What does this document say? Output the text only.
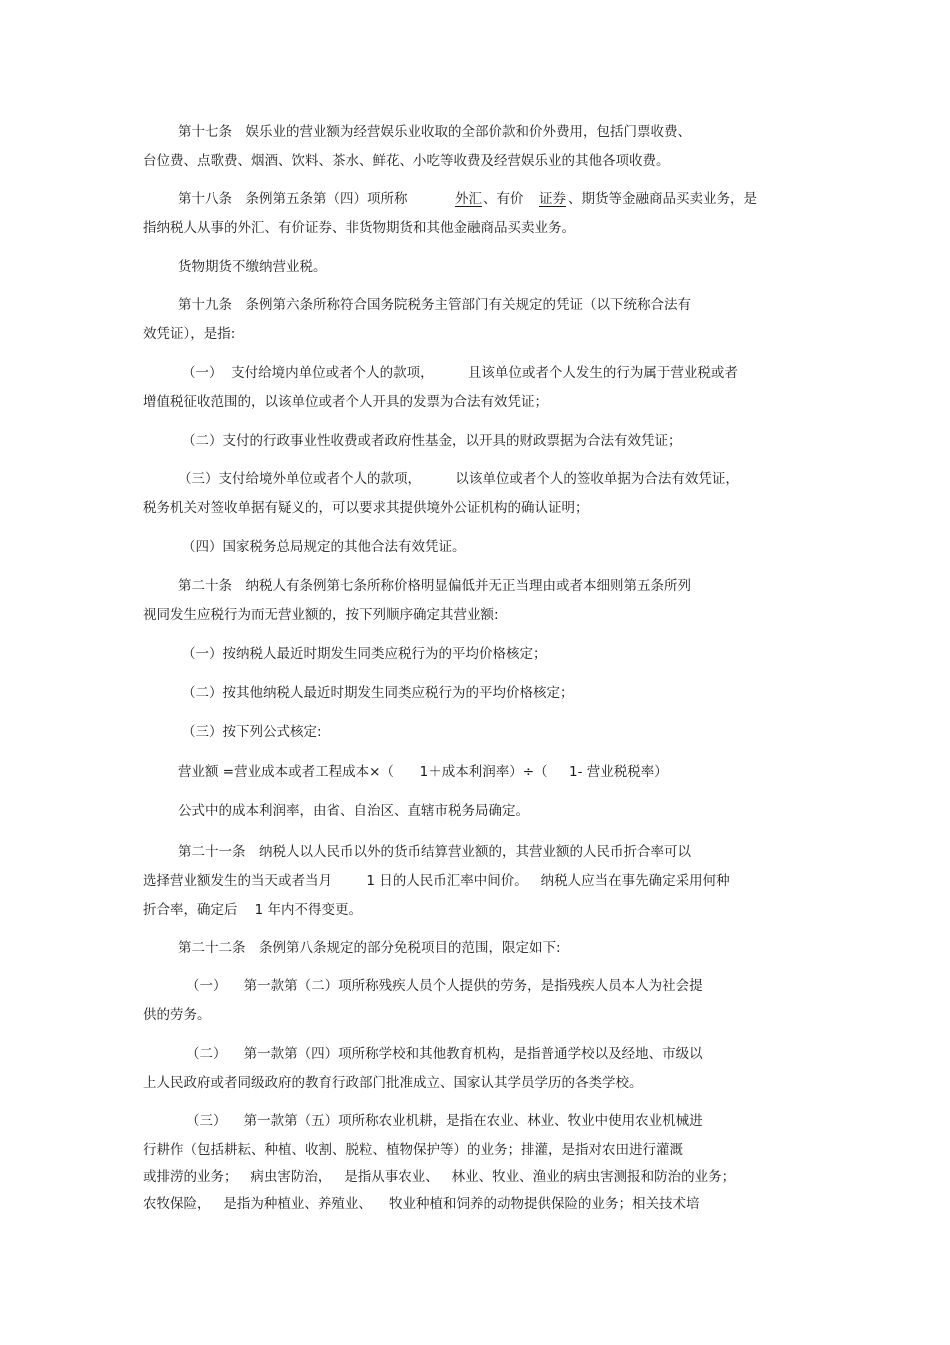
第十七条　娱乐业的营业额为经营娱乐业收取的全部价款和价外费用，包括门票收费、
台位费、点歌费、烟酒、饮料、茶水、鲜花、小吃等收费及经营娱乐业的其他各项收费。
第十八条　条例第五条第（四）项所称	外汇 、有价 证券 、期货等金融商品买卖业务，是
指纳税人从事的外汇、有价证券、非货物期货和其他金融商品买卖业务。
货物期货不缴纳营业税。
第十九条　条例第六条所称符合国务院税务主管部门有关规定的凭证（以下统称合法有
效凭证），是指:
（一）  支付给境内单位或者个人的款项，        且该单位或者个人发生的行为属于营业税或者
增值税征收范围的，以该单位或者个人开具的发票为合法有效凭证；
（二）支付的行政事业性收费或者政府性基金，以开具的财政票据为合法有效凭证；
（三）支付给境外单位或者个人的款项，        以该单位或者个人的签收单据为合法有效凭证，
税务机关对签收单据有疑义的，可以要求其提供境外公证机构的确认证明；
（四）国家税务总局规定的其他合法有效凭证。
第二十条　纳税人有条例第七条所称价格明显偏低并无正当理由或者本细则第五条所列
视同发生应税行为而无营业额的，按下列顺序确定其营业额:
（一）按纳税人最近时期发生同类应税行为的平均价格核定；
（二）按其他纳税人最近时期发生同类应税行为的平均价格核定；
（三）按下列公式核定:
营业额 =营业成本或者工程成本×（      1＋成本利润率）÷（     1- 营业税税率）
公式中的成本利润率，由省、自治区、直辖市税务局确定。
第二十一条　纳税人以人民币以外的货币结算营业额的，其营业额的人民币折合率可以
选择营业额发生的当天或者当月        1 日的人民币汇率中间价。   纳税人应当在事先确定采用何种
折合率，确定后    1 年内不得变更。
第二十二条　条例第八条规定的部分免税项目的范围，限定如下:
（一）    第一款第（二）项所称残疾人员个人提供的劳务，是指残疾人员本人为社会提
供的劳务。
（二）    第一款第（四）项所称学校和其他教育机构，是指普通学校以及经地、市级以
上人民政府或者同级政府的教育行政部门批准成立、国家认其学员学历的各类学校。
（三）    第一款第（五）项所称农业机耕，是指在农业、林业、牧业中使用农业机械进
行耕作（包括耕耘、种植、收割、脱粒、植物保护等）的业务；排灌，是指对农田进行灌溉
或排涝的业务；   病虫害防治，   是指从事农业、   林业、牧业、渔业的病虫害测报和防治的业务；
农牧保险，   是指为种植业、养殖业、    牧业种植和饲养的动物提供保险的业务；相关技术培
